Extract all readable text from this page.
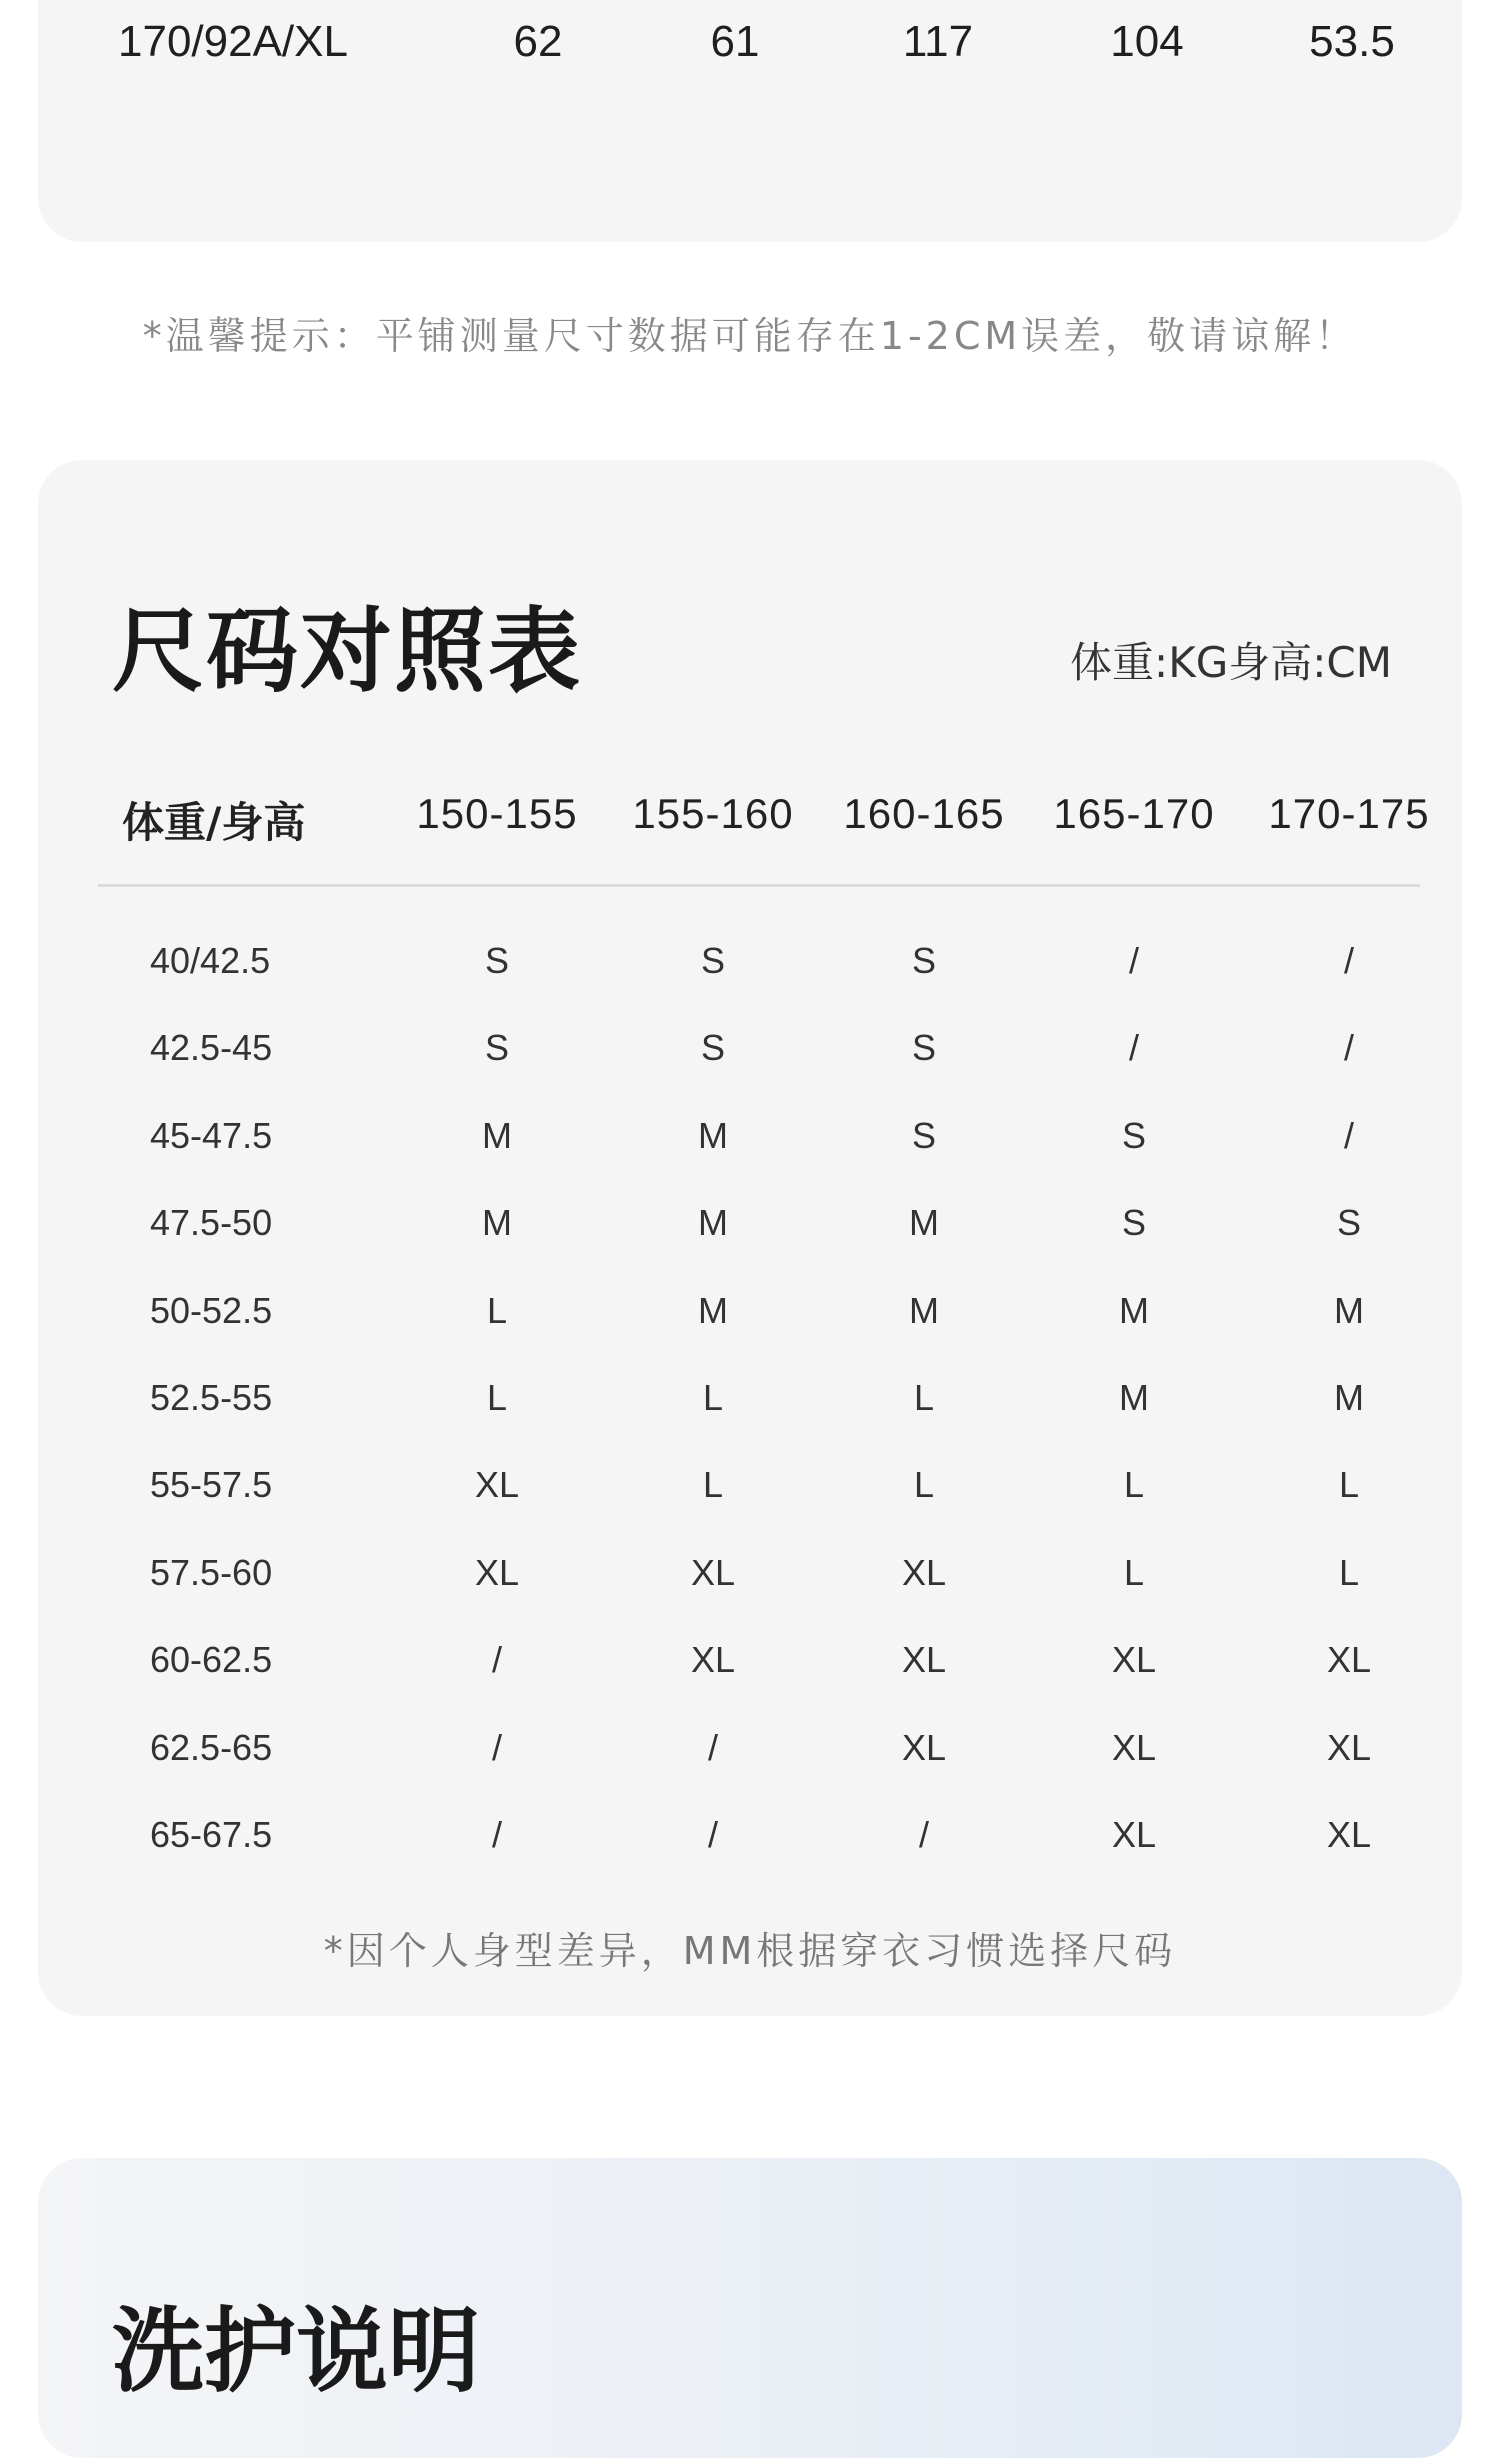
170/92A/XL	62	61	117	104	53.5
*温馨提示：平铺测量尺寸数据可能存在1-2CM误差，敬请谅解！
尺码对照表	体重:KG身高:CM
体重/身高	150-155	155-160	160-165	165-170	170-175
40/42.5	S	S	S	/	/
42.5-45	S	S	S	/	/
45-47.5	M	M	S	S	/
47.5-50	M	M	M	S	S
50-52.5	L	M	M	M	M
52.5-55	L	L	L	M	M
55-57.5	XL	L	L	L	L
57.5-60	XL	XL	XL	L	L
60-62.5	/	XL	XL	XL	XL
62.5-65	/	/	XL	XL	XL
65-67.5	/	/	/	XL	XL
*因个人身型差异，MM根据穿衣习惯选择尺码
洗护说明
